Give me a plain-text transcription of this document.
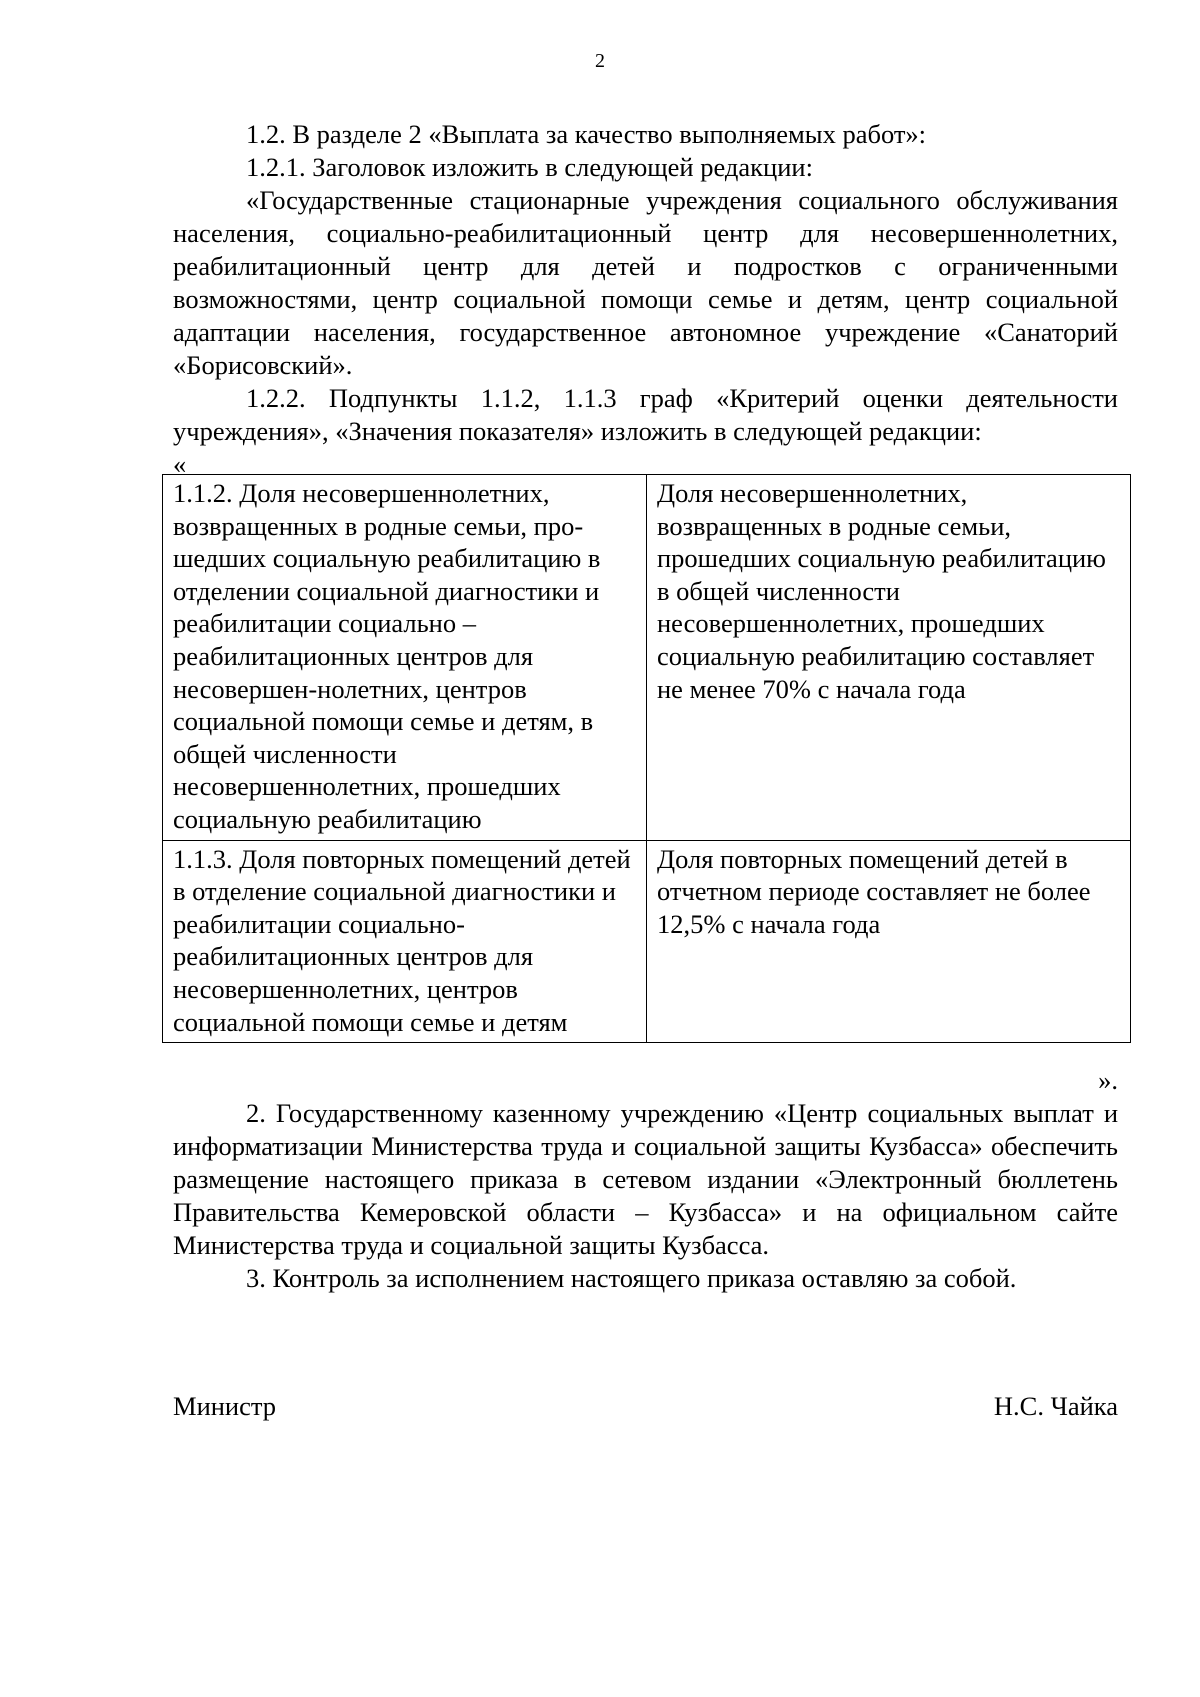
2

1.2. В разделе 2 «Выплата за качество выполняемых работ»:

1.2.1. Заголовок изложить в следующей редакции:

«Государственные стационарные учреждения социального обслуживания населения, социально-реабилитационный центр для несовершеннолетних, реабилитационный центр для детей и подростков с ограниченными возможностями, центр социальной помощи семье и детям, центр социальной адаптации населения, государственное автономное учреждение «Санаторий «Борисовский».

1.2.2. Подпункты 1.1.2, 1.1.3 граф «Критерий оценки деятельности учреждения», «Значения показателя» изложить в следующей редакции:

«

1.1.2. Доля несовершеннолетних, возвращенных в родные семьи, про-шедших социальную реабилитацию в отделении социальной диагностики и реабилитации социально – реабилитационных центров для несовершен-нолетних, центров социальной помощи семье и детям, в общей численности несовершеннолетних, прошедших социальную реабилитацию	Доля несовершеннолетних, возвращенных в родные семьи, прошедших социальную реабилитацию в общей численности несовершеннолетних, прошедших социальную реабилитацию составляет не менее 70% с начала года
1.1.3. Доля повторных помещений детей в отделение социальной диагностики и реабилитации социально-реабилитационных центров для несовершеннолетних, центров социальной помощи семье и детям	Доля повторных помещений детей в отчетном периоде составляет не более 12,5% с начала года
».

2. Государственному казенному учреждению «Центр социальных выплат и информатизации Министерства труда и социальной защиты Кузбасса» обеспечить размещение настоящего приказа в сетевом издании «Электронный бюллетень Правительства Кемеровской области – Кузбасса» и на официальном сайте Министерства труда и социальной защиты Кузбасса.

3. Контроль за исполнением настоящего приказа оставляю за собой.

Министр	Н.С. Чайка
